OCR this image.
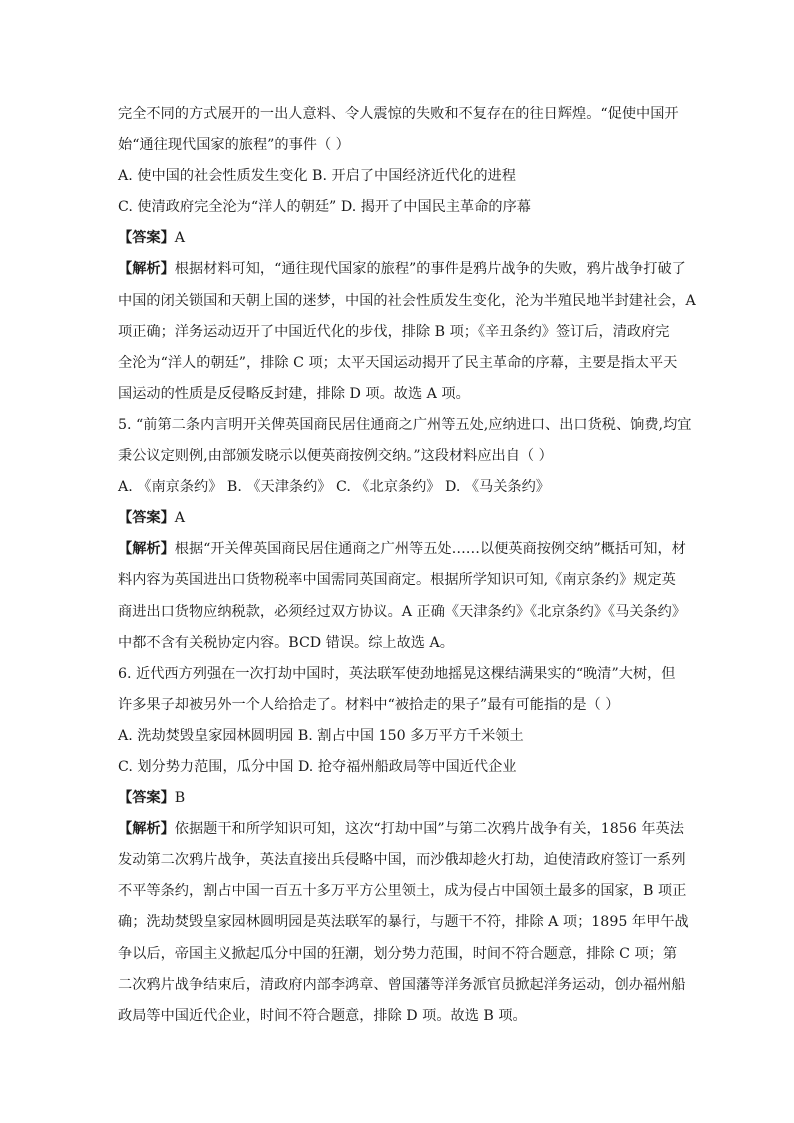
完全不同的方式展开的一出人意料、令人震惊的失败和不复存在的往日辉煌。“促使中国开
始“通往现代国家的旅程”的事件（ ）
A. 使中国的社会性质发生变化 B. 开启了中国经济近代化的进程
C. 使清政府完全沦为“洋人的朝廷” D. 揭开了中国民主革命的序幕
【答案】A
【解析】根据材料可知，“通往现代国家的旅程”的事件是鸦片战争的失败，鸦片战争打破了
中国的闭关锁国和天朝上国的迷梦，中国的社会性质发生变化，沦为半殖民地半封建社会，A
项正确；洋务运动迈开了中国近代化的步伐，排除 B 项；《辛丑条约》签订后，清政府完
全沦为“洋人的朝廷”，排除 C 项；太平天国运动揭开了民主革命的序幕，主要是指太平天
国运动的性质是反侵略反封建，排除 D 项。故选 A 项。
5. “前第二条内言明开关俾英国商民居住通商之广州等五处,应纳进口、出口货税、饷费,均宜
秉公议定则例,由部颁发晓示以便英商按例交纳。”这段材料应出自（ ）
A. 《南京条约》 B. 《天津条约》 C. 《北京条约》 D. 《马关条约》
【答案】A
【解析】根据“开关俾英国商民居住通商之广州等五处……以便英商按例交纳”概括可知，材
料内容为英国进出口货物税率中国需同英国商定。根据所学知识可知,《南京条约》规定英
商进出口货物应纳税款，必须经过双方协议。A 正确《天津条约》《北京条约》《马关条约》
中都不含有关税协定内容。BCD 错误。综上故选 A。
6. 近代西方列强在一次打劫中国时，英法联军使劲地摇晃这棵结满果实的“晚清”大树，但
许多果子却被另外一个人给拾走了。材料中“被拾走的果子”最有可能指的是（ ）
A. 洗劫焚毁皇家园林圆明园 B. 割占中国 150 多万平方千米领土
C. 划分势力范围，瓜分中国 D. 抢夺福州船政局等中国近代企业
【答案】B
【解析】依据题干和所学知识可知，这次“打劫中国”与第二次鸦片战争有关，1856 年英法
发动第二次鸦片战争，英法直接出兵侵略中国，而沙俄却趁火打劫，迫使清政府签订一系列
不平等条约，割占中国一百五十多万平方公里领土，成为侵占中国领土最多的国家，B 项正
确；洗劫焚毁皇家园林圆明园是英法联军的暴行，与题干不符，排除 A 项；1895 年甲午战
争以后，帝国主义掀起瓜分中国的狂潮，划分势力范围，时间不符合题意，排除 C 项；第
二次鸦片战争结束后，清政府内部李鸿章、曾国藩等洋务派官员掀起洋务运动，创办福州船
政局等中国近代企业，时间不符合题意，排除 D 项。故选 B 项。
